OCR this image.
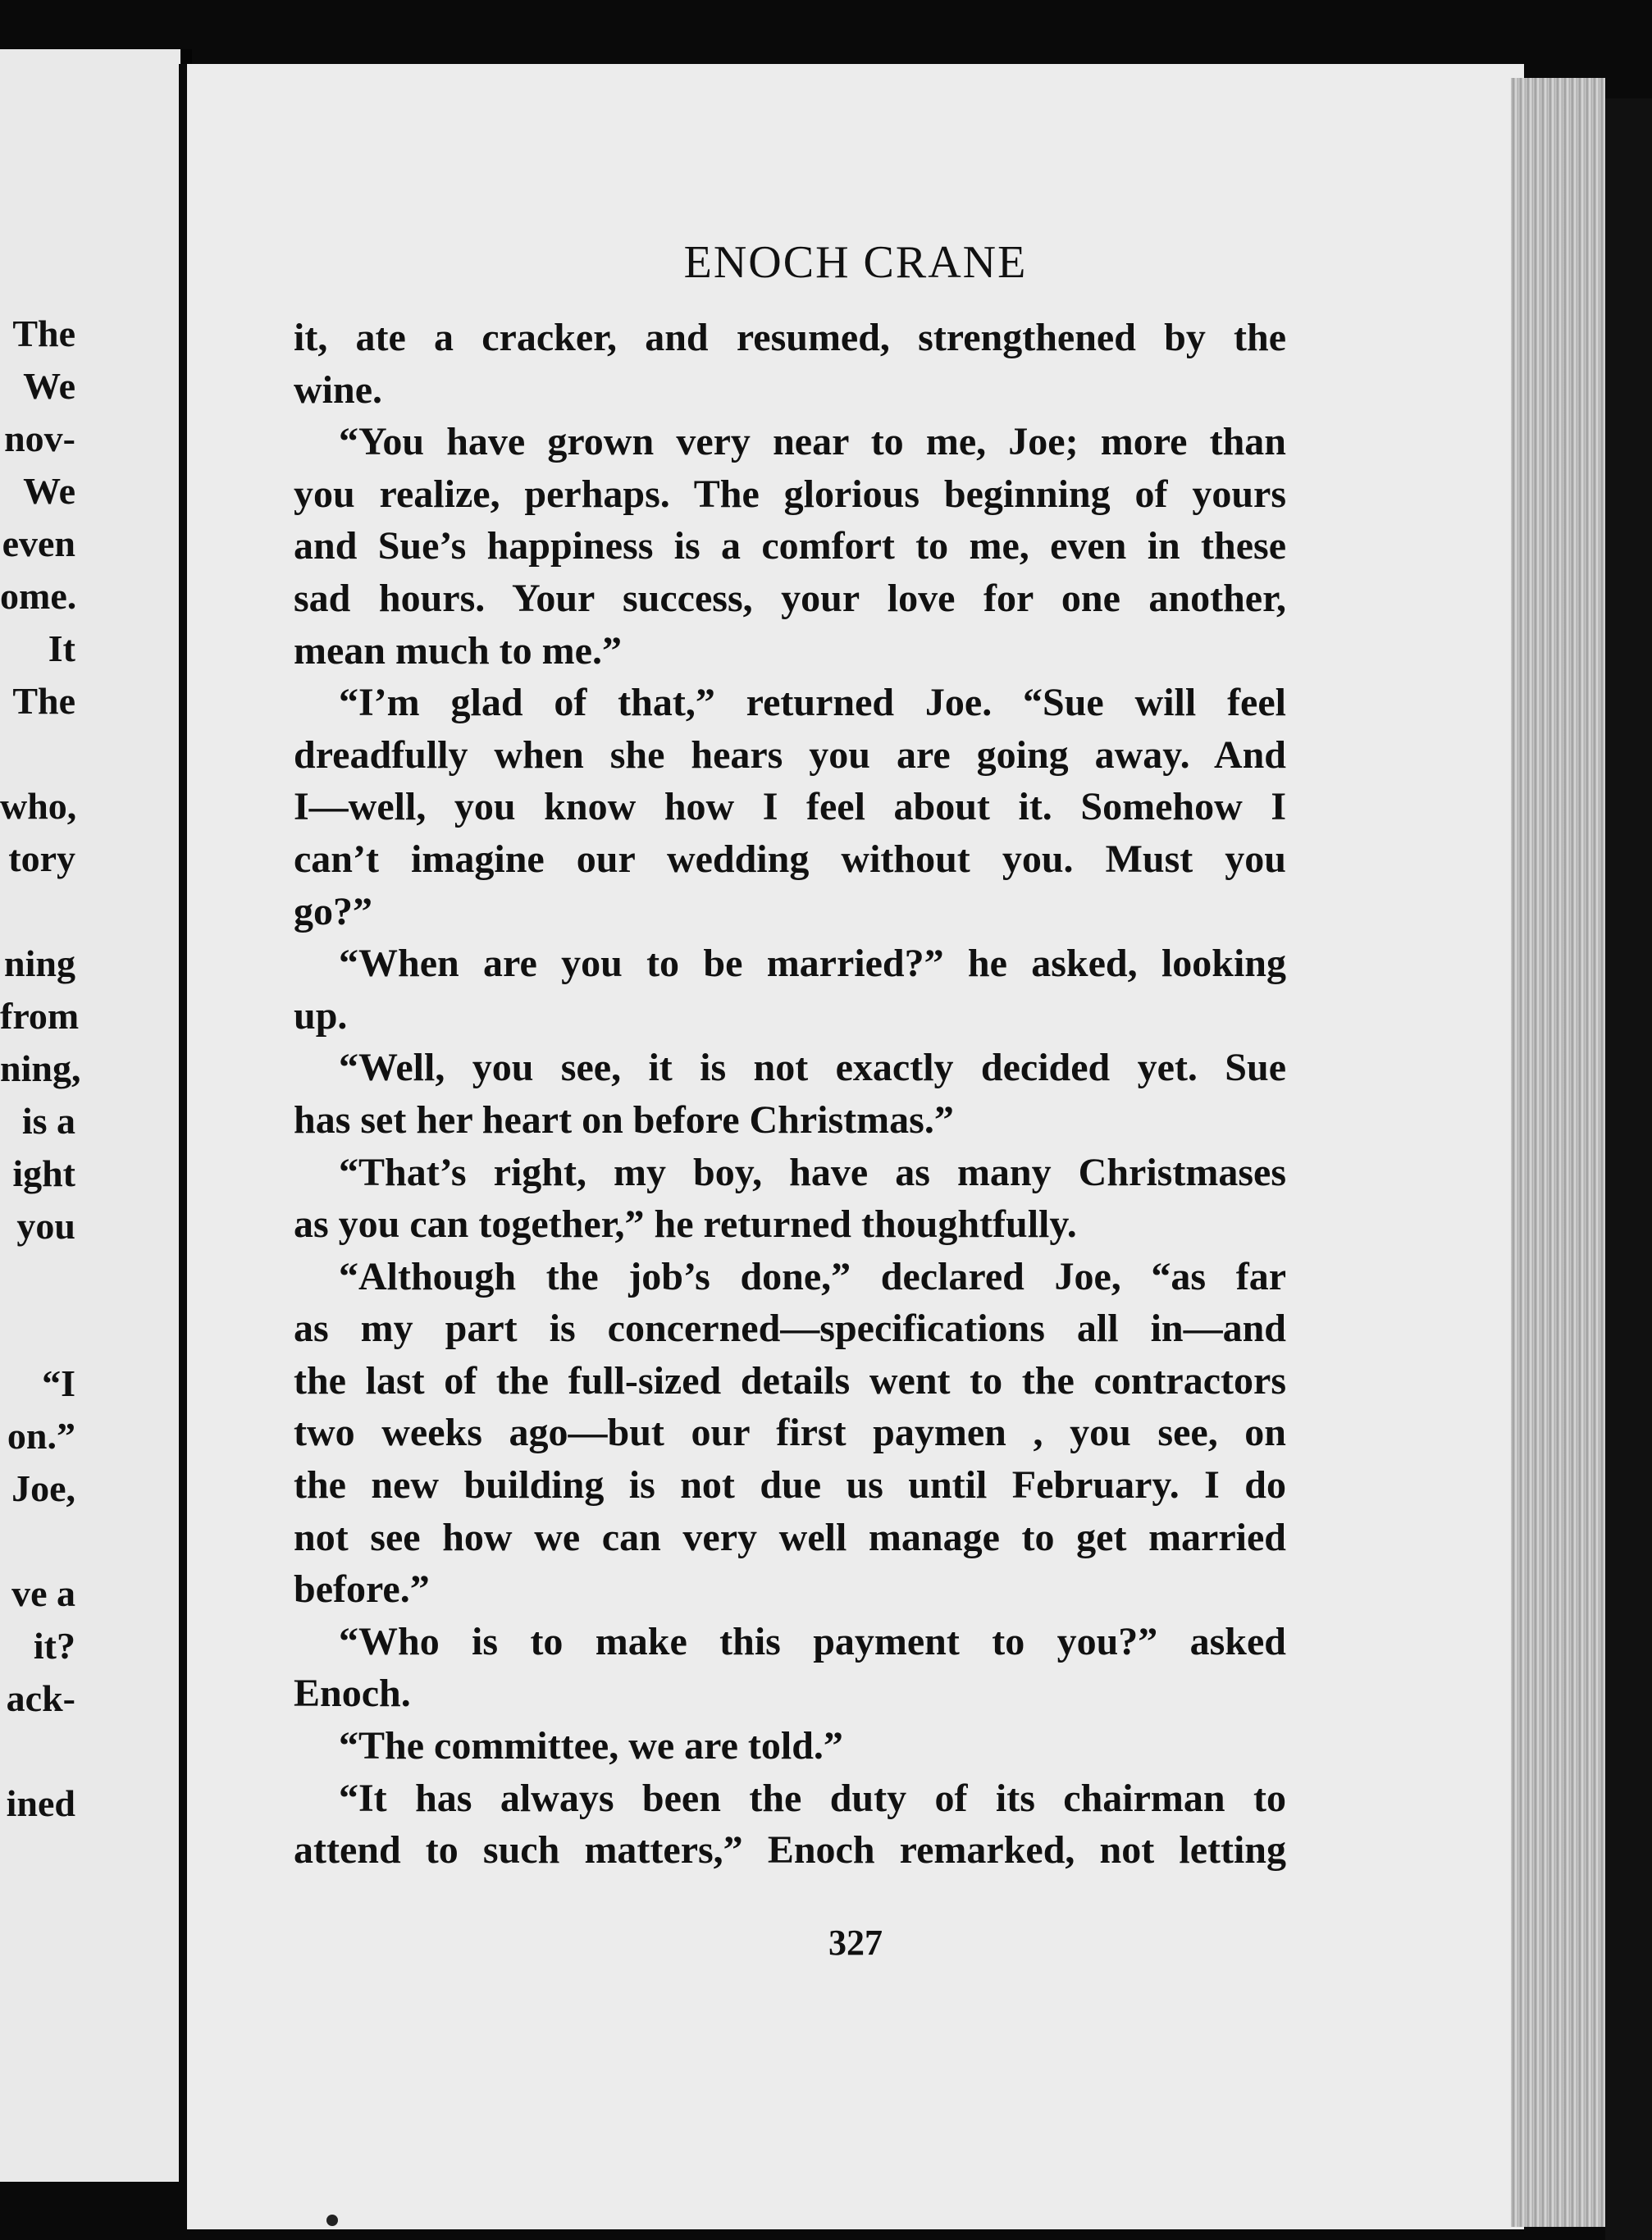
The
We
nov-
We
even
ome.
It
The
who,
tory
ning
from
ning,
is a
ight
you
“I
on.”
Joe,
ve a
it?
ack-
ined
ENOCH CRANE
it, ate a cracker, and resumed, strengthened by the
wine.
“You have grown very near to me, Joe; more than
you realize, perhaps. The glorious beginning of yours
and Sue’s happiness is a comfort to me, even in these
sad hours. Your success, your love for one another,
mean much to me.”
“I’m glad of that,” returned Joe. “Sue will feel
dreadfully when she hears you are going away. And
I—well, you know how I feel about it. Somehow I
can’t imagine our wedding without you. Must you
go?”
“When are you to be married?” he asked, looking
up.
“Well, you see, it is not exactly decided yet. Sue
has set her heart on before Christmas.”
“That’s right, my boy, have as many Christmases
as you can together,” he returned thoughtfully.
“Although the job’s done,” declared Joe, “as far
as my part is concerned—specifications all in—and
the last of the full-sized details went to the contractors
two weeks ago—but our first paymen , you see, on
the new building is not due us until February. I do
not see how we can very well manage to get married
before.”
“Who is to make this payment to you?” asked
Enoch.
“The committee, we are told.”
“It has always been the duty of its chairman to
attend to such matters,” Enoch remarked, not letting
327
